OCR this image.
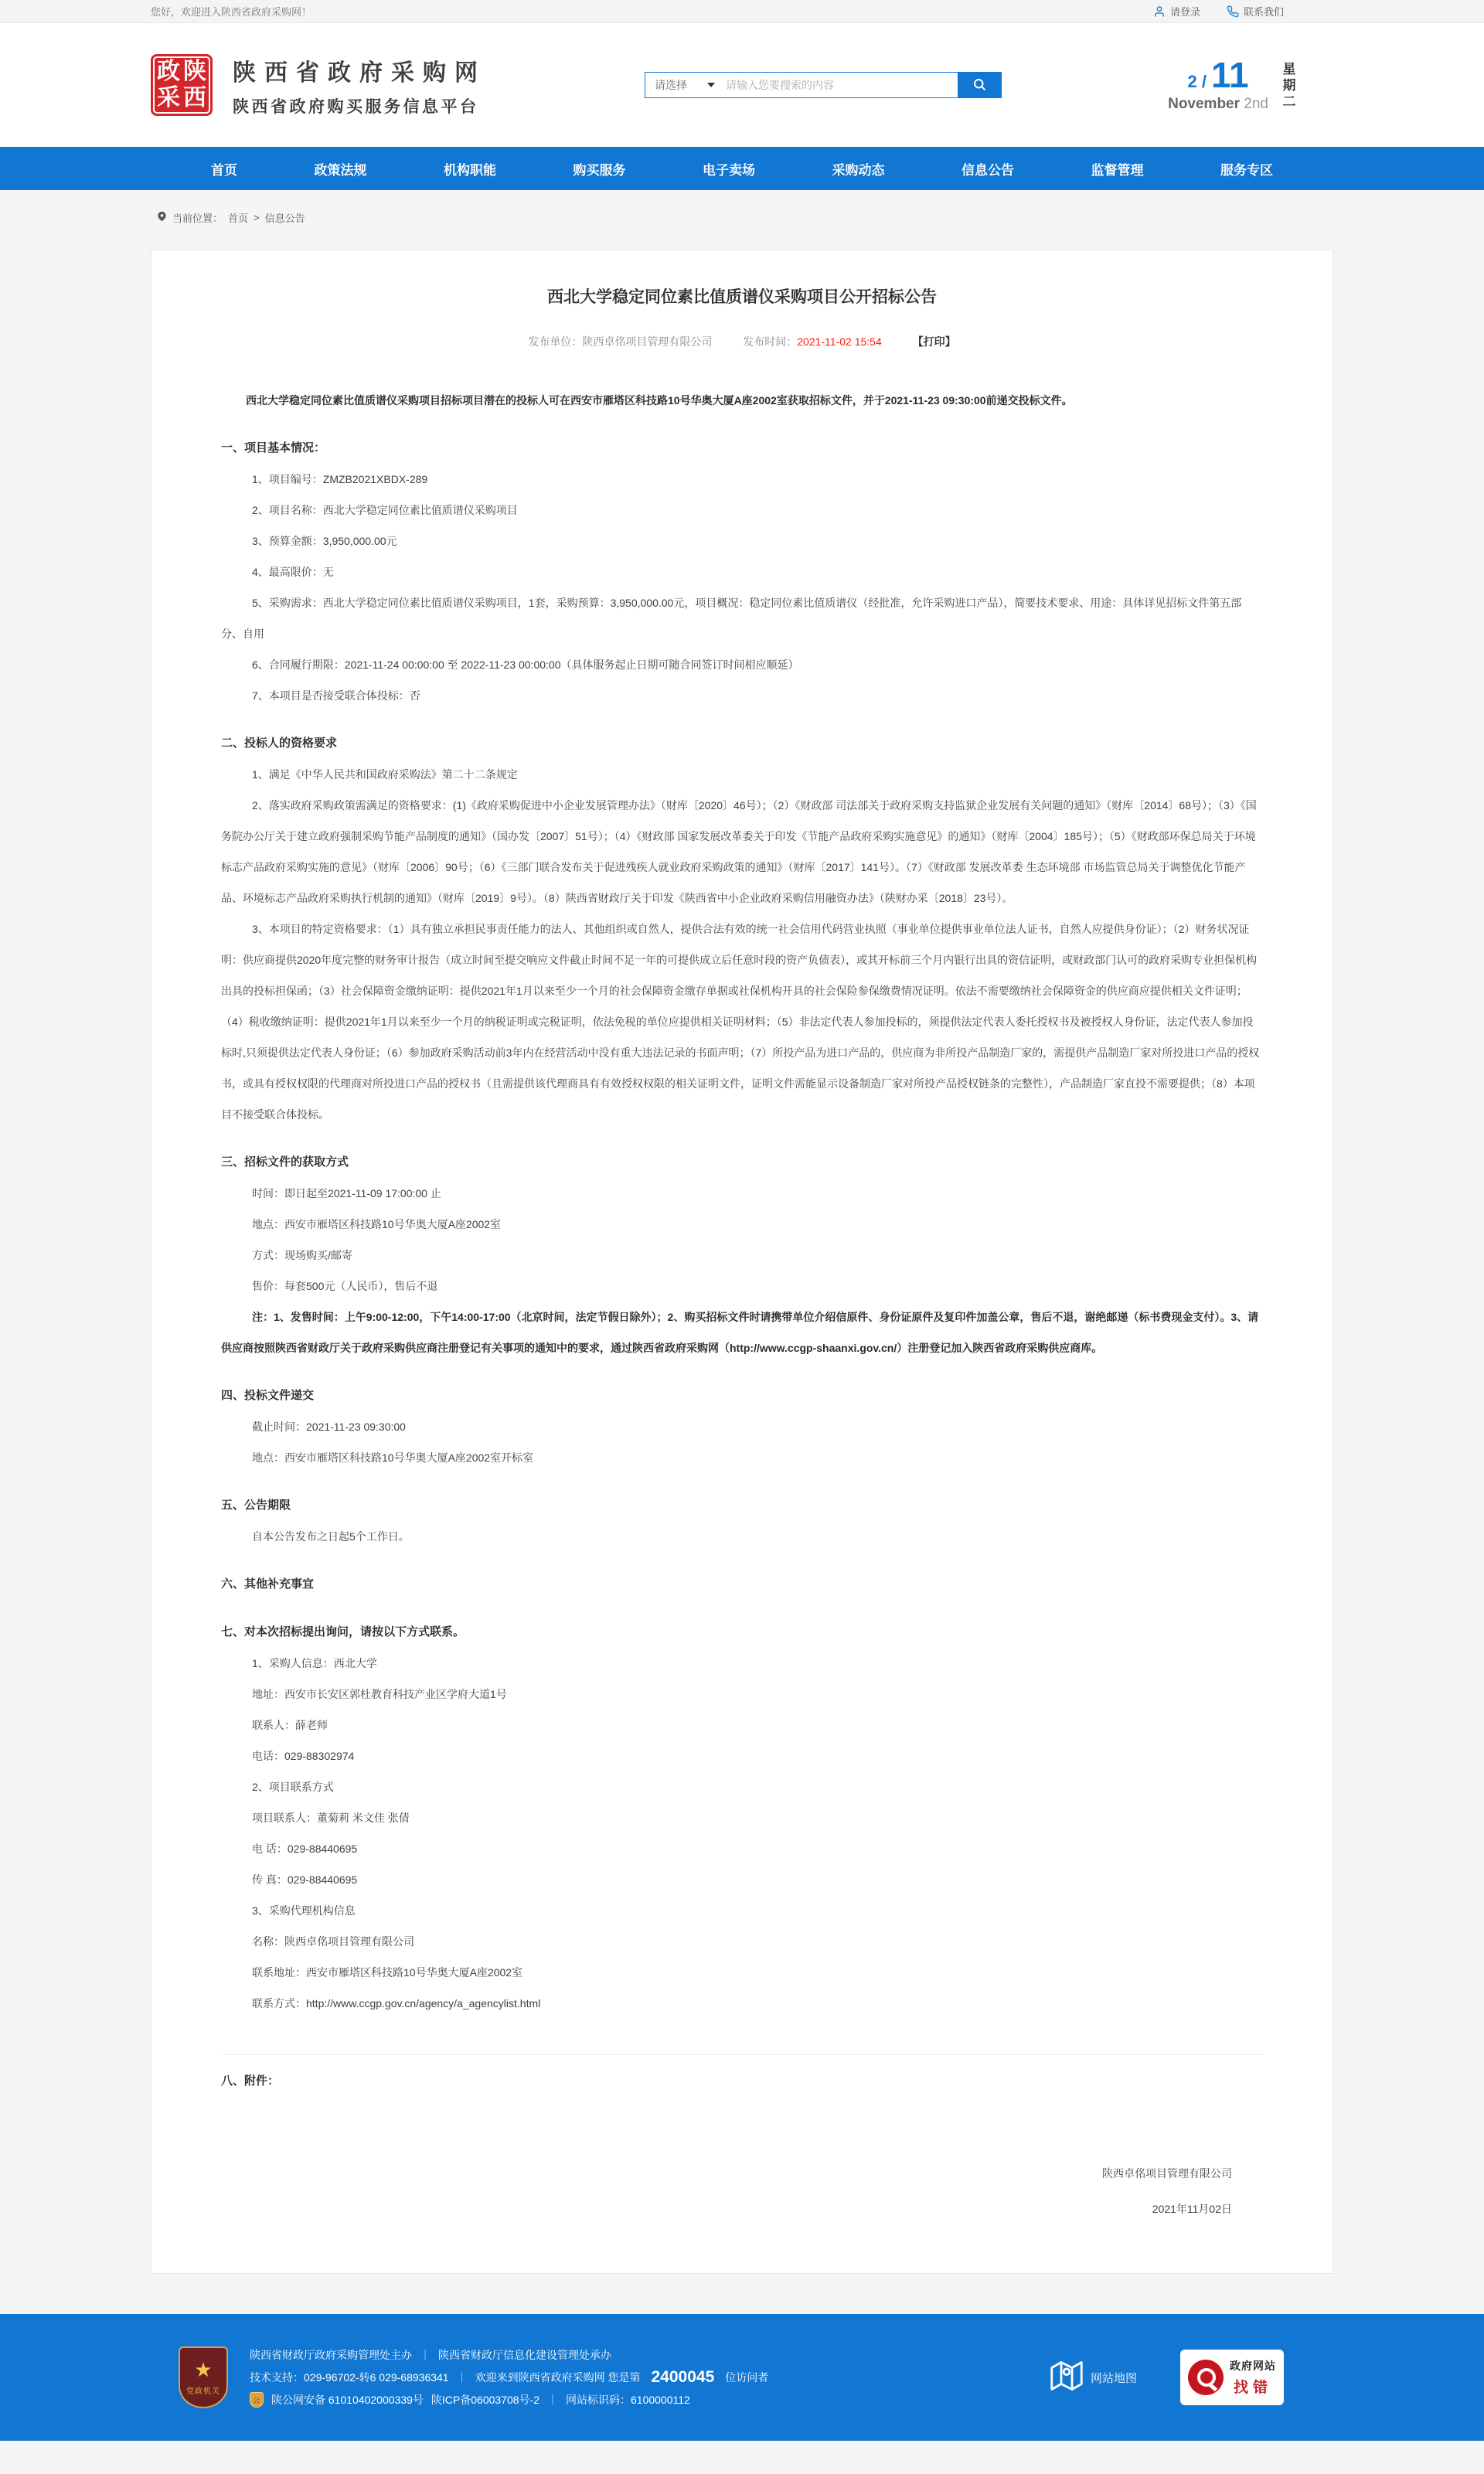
您好，欢迎进入陕西省政府采购网！	请登录	联系我们
政 陕
采 西
陕西省政府采购网
陕西省政府购买服务信息平台
请选择
请输入您要搜索的内容	2 / 11
November 2nd
星期二
首页	政策法规	机构职能	购买服务	电子卖场	采购动态	信息公告	监督管理	服务专区
当前位置： 首页 > 信息公告
西北大学稳定同位素比值质谱仪采购项目公开招标公告
发布单位：陕西卓佲项目管理有限公司	发布时间：2021-11-02 15:54	【打印】

西北大学稳定同位素比值质谱仪采购项目招标项目潜在的投标人可在西安市雁塔区科技路10号华奥大厦A座2002室获取招标文件，并于2021-11-23 09:30:00前递交投标文件。

一、项目基本情况：

1、项目编号：ZMZB2021XBDX-289

2、项目名称：西北大学稳定同位素比值质谱仪采购项目

3、预算金额：3,950,000.00元

4、最高限价：无

5、采购需求：西北大学稳定同位素比值质谱仪采购项目，1套，采购预算：3,950,000.00元，项目概况：稳定同位素比值质谱仪（经批准，允许采购进口产品），简要技术要求、用途：具体详见招标文件第五部分、自用

6、合同履行期限：2021-11-24 00:00:00 至 2022-11-23 00:00:00（具体服务起止日期可随合同签订时间相应顺延）

7、本项目是否接受联合体投标：否

二、投标人的资格要求

1、满足《中华人民共和国政府采购法》第二十二条规定

2、落实政府采购政策需满足的资格要求：(1)《政府采购促进中小企业发展管理办法》（财库〔2020〕46号）；（2）《财政部 司法部关于政府采购支持监狱企业发展有关问题的通知》（财库〔2014〕68号）；（3）《国务院办公厅关于建立政府强制采购节能产品制度的通知》（国办发〔2007〕51号）；（4）《财政部 国家发展改革委关于印发《节能产品政府采购实施意见》的通知》（财库〔2004〕185号）；（5）《财政部环保总局关于环境标志产品政府采购实施的意见》（财库〔2006〕90号；（6）《三部门联合发布关于促进残疾人就业政府采购政策的通知》（财库〔2017〕141号）。（7）《财政部 发展改革委 生态环境部 市场监管总局关于调整优化节能产品、环境标志产品政府采购执行机制的通知》（财库〔2019〕9号）。（8）陕西省财政厅关于印发《陕西省中小企业政府采购信用融资办法》（陕财办采〔2018〕23号）。

3、本项目的特定资格要求：（1）具有独立承担民事责任能力的法人、其他组织或自然人，提供合法有效的统一社会信用代码营业执照（事业单位提供事业单位法人证书，自然人应提供身份证）；（2）财务状况证明：供应商提供2020年度完整的财务审计报告（成立时间至提交响应文件截止时间不足一年的可提供成立后任意时段的资产负债表），或其开标前三个月内银行出具的资信证明，或财政部门认可的政府采购专业担保机构出具的投标担保函；（3）社会保障资金缴纳证明：提供2021年1月以来至少一个月的社会保障资金缴存单据或社保机构开具的社会保险参保缴费情况证明。依法不需要缴纳社会保障资金的供应商应提供相关文件证明；（4）税收缴纳证明：提供2021年1月以来至少一个月的纳税证明或完税证明，依法免税的单位应提供相关证明材料；（5）非法定代表人参加投标的，须提供法定代表人委托授权书及被授权人身份证，法定代表人参加投标时,只须提供法定代表人身份证；（6）参加政府采购活动前3年内在经营活动中没有重大违法记录的书面声明；（7）所投产品为进口产品的，供应商为非所投产品制造厂家的，需提供产品制造厂家对所投进口产品的授权书，或具有授权权限的代理商对所投进口产品的授权书（且需提供该代理商具有有效授权权限的相关证明文件，证明文件需能显示设备制造厂家对所投产品授权链条的完整性），产品制造厂家直投不需要提供；（8）本项目不接受联合体投标。

三、招标文件的获取方式

时间：即日起至2021-11-09 17:00:00 止

地点：西安市雁塔区科技路10号华奥大厦A座2002室

方式：现场购买/邮寄

售价：每套500元（人民币），售后不退

注：1、发售时间：上午9:00-12:00，下午14:00-17:00（北京时间，法定节假日除外）；2、购买招标文件时请携带单位介绍信原件、身份证原件及复印件加盖公章，售后不退，谢绝邮递（标书费现金支付）。3、请供应商按照陕西省财政厅关于政府采购供应商注册登记有关事项的通知中的要求，通过陕西省政府采购网（http://www.ccgp-shaanxi.gov.cn/）注册登记加入陕西省政府采购供应商库。

四、投标文件递交

截止时间：2021-11-23 09:30:00

地点：西安市雁塔区科技路10号华奥大厦A座2002室开标室

五、公告期限

自本公告发布之日起5个工作日。

六、其他补充事宜

七、对本次招标提出询问，请按以下方式联系。

1、采购人信息：西北大学

地址：西安市长安区郭杜教育科技产业区学府大道1号

联系人：薛老师

电话：029-88302974

2、项目联系方式

项目联系人：董菊莉 米文佳 张倩

电 话：029-88440695

传 真：029-88440695

3、采购代理机构信息

名称：陕西卓佲项目管理有限公司

联系地址：西安市雁塔区科技路10号华奥大厦A座2002室

联系方式：http://www.ccgp.gov.cn/agency/a_agencylist.html

八、附件：
陕西卓佲项目管理有限公司
2021年11月02日
★
党政机关
陕西省财政厅政府采购管理处主办 ｜ 陕西省财政厅信息化建设管理处承办
技术支持：029-96702-转6 029-68936341 ｜ 欢迎来到陕西省政府采购网 您是第 2400045 位访问者
公	陕公网安备 61010402000339号 陕ICP备06003708号-2 ｜ 网站标识码：6100000112
网站地图
政府网站
找错
